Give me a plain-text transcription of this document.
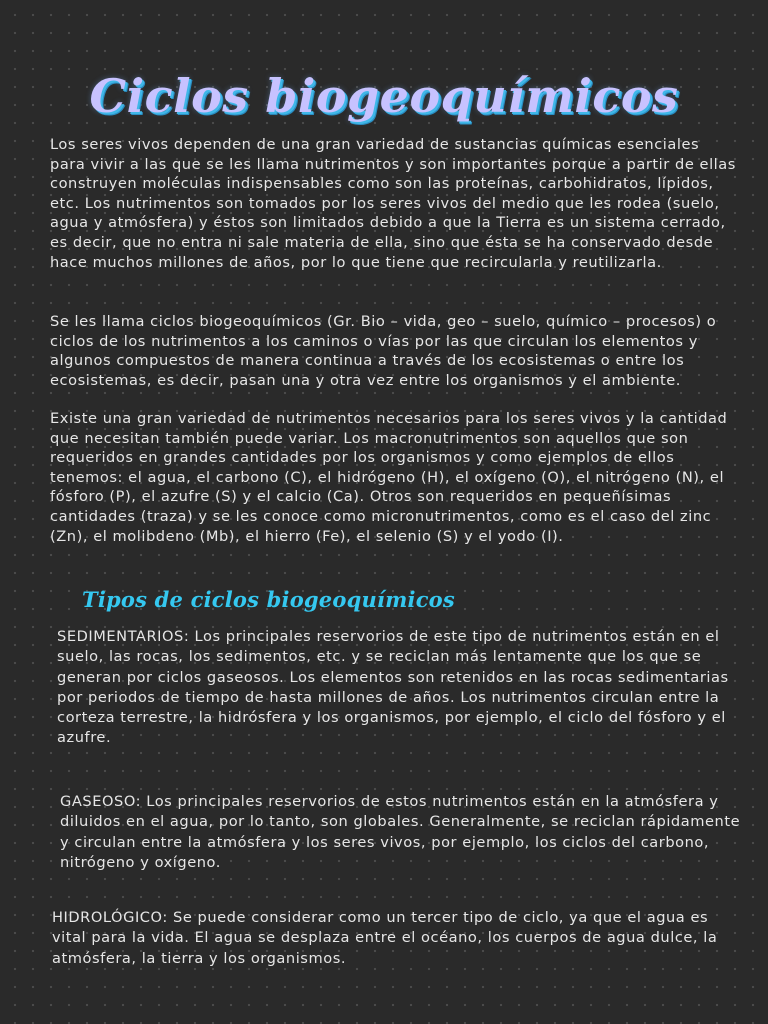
Ciclos biogeoquímicos

Los seres vivos dependen de una gran variedad de sustancias químicas esenciales para vivir a las que se les llama nutrimentos y son importantes porque a partir de ellas construyen moléculas indispensables como son las proteínas, carbohidratos, lípidos, etc. Los nutrimentos son tomados por los seres vivos del medio que les rodea (suelo, agua y atmósfera) y éstos son limitados debido a que la Tierra es un sistema cerrado, es decir, que no entra ni sale materia de ella, sino que ésta se ha conservado desde hace muchos millones de años, por lo que tiene que recircularla y reutilizarla.

Se les llama ciclos biogeoquímicos (Gr. Bio – vida, geo – suelo, químico – procesos) o ciclos de los nutrimentos a los caminos o vías por las que circulan los elementos y algunos compuestos de manera continua a través de los ecosistemas o entre los ecosistemas, es decir, pasan una y otra vez entre los organismos y el ambiente.

Existe una gran variedad de nutrimentos necesarios para los seres vivos y la cantidad que necesitan también puede variar. Los macronutrimentos son aquellos que son requeridos en grandes cantidades por los organismos y como ejemplos de ellos tenemos: el agua, el carbono (C), el hidrógeno (H), el oxígeno (O), el nitrógeno (N), el fósforo (P), el azufre (S) y el calcio (Ca). Otros son requeridos en pequeñísimas cantidades (traza) y se les conoce como micronutrimentos, como es el caso del zinc (Zn), el molibdeno (Mb), el hierro (Fe), el selenio (S) y el yodo (I).

Tipos de ciclos biogeoquímicos

SEDIMENTARIOS: Los principales reservorios de este tipo de nutrimentos están en el suelo, las rocas, los sedimentos, etc. y se reciclan más lentamente que los que se generan por ciclos gaseosos. Los elementos son retenidos en las rocas sedimentarias por periodos de tiempo de hasta millones de años. Los nutrimentos circulan entre la corteza terrestre, la hidrósfera y los organismos, por ejemplo, el ciclo del fósforo y el azufre.

GASEOSO: Los principales reservorios de estos nutrimentos están en la atmósfera y diluidos en el agua, por lo tanto, son globales. Generalmente, se reciclan rápidamente y circulan entre la atmósfera y los seres vivos, por ejemplo, los ciclos del carbono, nitrógeno y oxígeno.

HIDROLÓGICO: Se puede considerar como un tercer tipo de ciclo, ya que el agua es vital para la vida. El agua se desplaza entre el océano, los cuerpos de agua dulce, la atmósfera, la tierra y los organismos.
